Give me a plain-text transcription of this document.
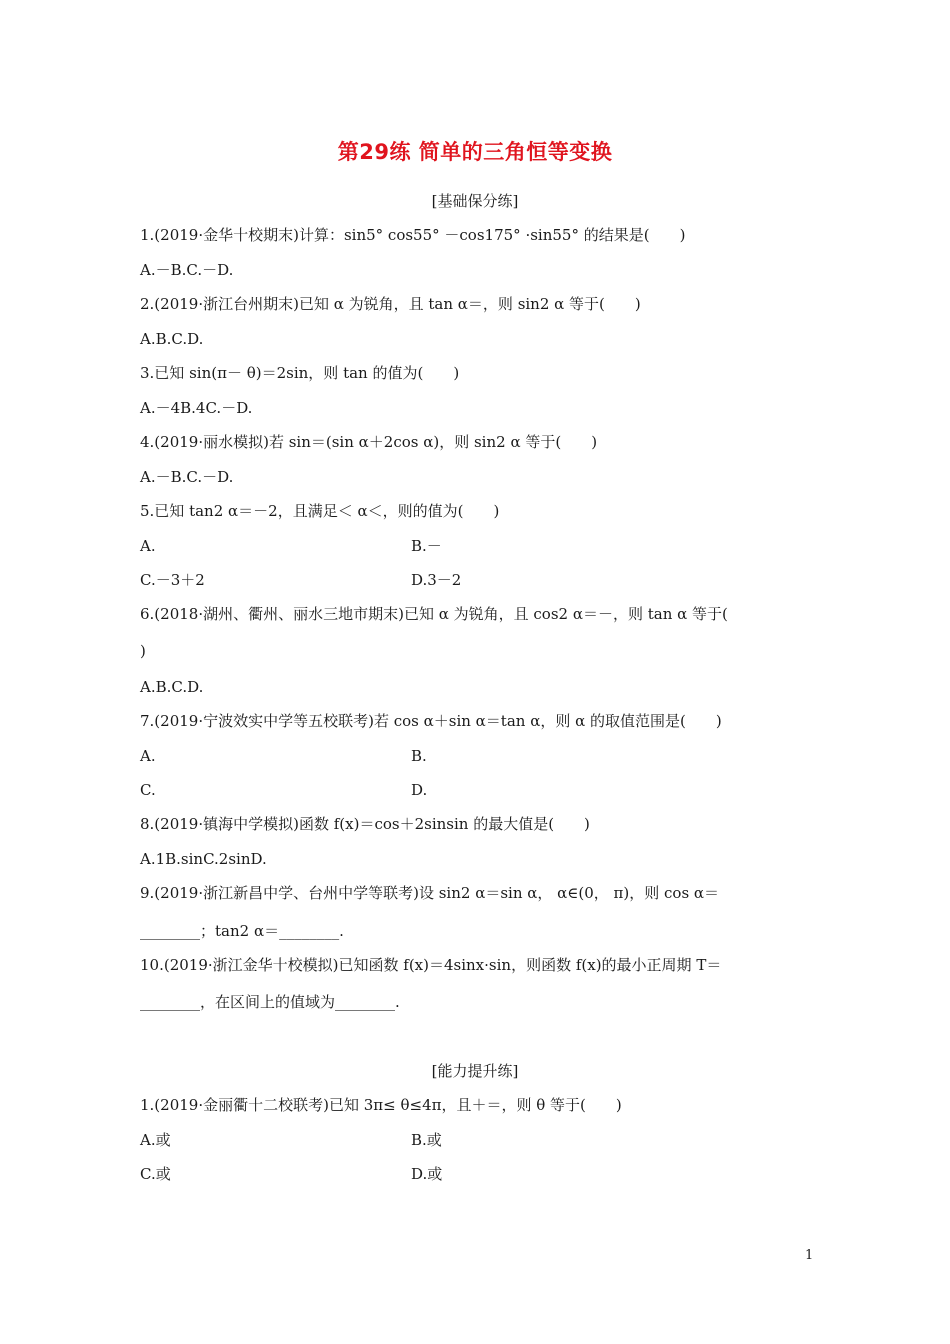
第29练 简单的三角恒等变换
[基础保分练]
1.(2019·金华十校期末)计算：sin5° cos55° －cos175° ·sin55° 的结果是(　　)
A.－B.C.－D.
2.(2019·浙江台州期末)已知 α 为锐角，且 tan α＝，则 sin2 α 等于(　　)
A.B.C.D.
3.已知 sin(π－ θ)＝2sin，则 tan 的值为(　　)
A.－4B.4C.－D.
4.(2019·丽水模拟)若 sin＝(sin α＋2cos α)，则 sin2 α 等于(　　)
A.－B.C.－D.
5.已知 tan2 α＝－2，且满足＜ α＜，则的值为(　　)
A.	B.－
C.－3＋2	D.3－2
6.(2018·湖州、衢州、丽水三地市期末)已知 α 为锐角，且 cos2 α＝－，则 tan α 等于(
)
A.B.C.D.
7.(2019·宁波效实中学等五校联考)若 cos α＋sin α＝tan α，则 α 的取值范围是(　　)
A.	B.
C.	D.
8.(2019·镇海中学模拟)函数 f(x)＝cos＋2sinsin 的最大值是(　　)
A.1B.sinC.2sinD.
9.(2019·浙江新昌中学、台州中学等联考)设 sin2 α＝sin α， α∈(0， π)，则 cos α＝
________；tan2 α＝________.
10.(2019·浙江金华十校模拟)已知函数 f(x)＝4sinx·sin，则函数 f(x)的最小正周期 T＝
________，在区间上的值域为________.
[能力提升练]
1.(2019·金丽衢十二校联考)已知 3π≤ θ≤4π，且＋＝，则 θ 等于(　　)
A.或	B.或
C.或	D.或
1
